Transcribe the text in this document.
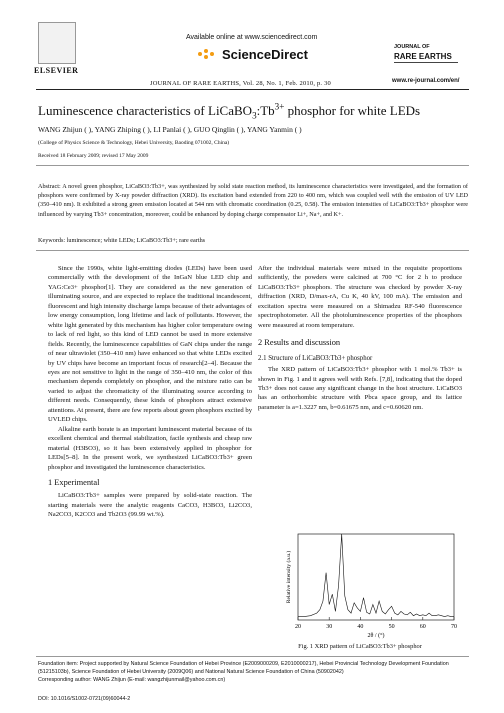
ELSEVIER
Available online at www.sciencedirect.com
ScienceDirect
JOURNAL OF RARE EARTHS, Vol. 28, No. 1, Feb. 2010, p. 30
JOURNAL OF
RARE EARTHS
www.re-journal.com/en/
Luminescence characteristics of $LiCaBO_3:Tb^{3+}$ phosphor for white LEDs
WANG Zhijun ( ), YANG Zhiping ( ), LI Panlai ( ), GUO Qinglin ( ), YANG Yanmin ( )
(College of Physics Science & Technology, Hebei University, Baoding 071002, China)
Received 18 February 2009; revised 17 May 2009
Abstract: A novel green phosphor, LiCaBO3:Tb3+, was synthesized by solid state reaction method, its luminescence characteristics were investigated, and the formation of phosphors were confirmed by X-ray powder diffraction (XRD). Its excitation band extended from 220 to 400 nm, which was coupled well with the emission of UV LED (350–410 nm). It exhibited a strong green emission located at 544 nm with chromatic coordination (0.25, 0.58). The emission intensities of LiCaBO3:Tb3+ phosphor were influenced by varying Tb3+ concentration, moreover, could be enhanced by doping charge compensator Li+, Na+, and K+.
Keywords: luminescence; white LEDs; LiCaBO3:Tb3+; rare earths

Since the 1990s, white light-emitting diodes (LEDs) have been used commercially with the development of the InGaN blue LED chip and YAG:Ce3+ phosphor[1]. They are considered as the new generation of illuminating source, and are expected to replace the traditional incandescent, fluorescent and high intensity discharge lamps because of their advantages of low energy consumption, long lifetime and lack of pollutants. However, the white light generated by this mechanism has higher color temperature owing to lack of red light, so this kind of LED cannot be used in more extensive fields. Recently, the luminescence capabilities of GaN chips under the range of near ultraviolet (350–410 nm) have enhanced so that white LEDs excited by UV chips have become an important focus of research[2–4]. Because the eyes are not sensitive to light in the range of 350–410 nm, the color of this mechanism depends completely on phosphor, and the mixture ratio can be varied to adjust the chromaticity of the illuminating source according to different needs. Consequently, these kinds of phosphors attract extensive attentions. At present, there are few reports about green phosphors excited by UVLED chips.

Alkaline earth borate is an important luminescent material because of its excellent chemical and thermal stabilization, facile synthesis and cheap raw material (H3BO3), so it has been extensively applied in phosphor for LEDs[5–8]. In the present work, we synthesized LiCaBO3:Tb3+ green phosphor and investigated the luminescence characteristics.

1 Experimental

LiCaBO3:Tb3+ samples were prepared by solid-state reaction. The starting materials were the analytic reagents CaCO3, H3BO3, Li2CO3, Na2CO3, K2CO3 and Tb2O3 (99.99 wt.%).

After the individual materials were mixed in the requisite proportions sufficiently, the powders were calcined at 700 °C for 2 h to produce LiCaBO3:Tb3+ phosphors. The structure was checked by powder X-ray diffraction (XRD, D/max-rA, Cu K, 40 kV, 100 mA). The emission and excitation spectra were measured on a Shimadzu RF-540 fluorescence spectrophotometer. All the photoluminescence properties of the phosphors were measured at room temperature.

2 Results and discussion

2.1 Structure of LiCaBO3:Tb3+ phosphor

The XRD pattern of LiCaBO3:Tb3+ phosphor with 1 mol.% Tb3+ is shown in Fig. 1 and it agrees well with Refs. [7,8], indicating that the doped Tb3+ does not cause any significant change in the host structure. LiCaBO3 has an orthorhombic structure with Pbca space group, and its lattice parameter is a=1.3227 nm, b=0.61675 nm, and c=0.60620 nm.

20	30	40	50	60	70
2θ / (°)
Relative intensity (a.u.)
Fig. 1 XRD pattern of LiCaBO3:Tb3+ phosphor
Foundation item: Project supported by Natural Science Foundation of Hebei Province (E2009000209, E2010000217), Hebei Provincial Technology Development Foundation (51215103b), Science Foundation of Hebei University (2009Q06) and National Natural Science Foundation of China (50902042)
Corresponding author: WANG Zhijun (E-mail: wangzhijunmail@yahoo.com.cn)
DOI: 10.1016/S1002-0721(09)60044-2
